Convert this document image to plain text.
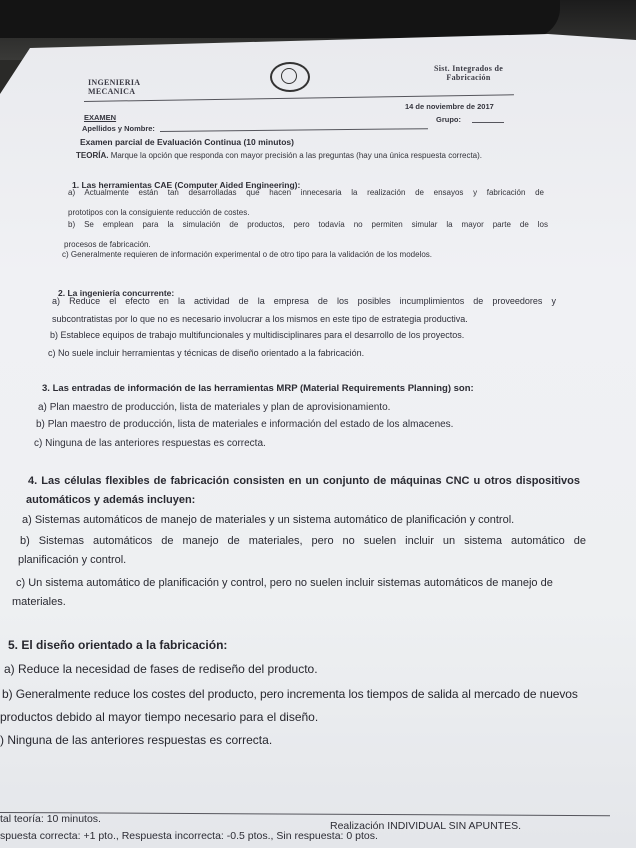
INGENIERIA
MECANICA
Sist. Integrados de
Fabricación
14 de noviembre de 2017
EXAMEN
Apellidos y Nombre:
Grupo:
Examen parcial de Evaluación Continua (10 minutos)
TEORÍA. Marque la opción que responda con mayor precisión a las preguntas (hay una única respuesta correcta).
1. Las herramientas CAE (Computer Aided Engineering):
a) Actualmente están tan desarrolladas que hacen innecesaria la realización de ensayos y fabricación de
prototipos con la consiguiente reducción de costes.
b) Se emplean para la simulación de productos, pero todavía no permiten simular la mayor parte de los
procesos de fabricación.
c) Generalmente requieren de información experimental o de otro tipo para la validación de los modelos.
2. La ingeniería concurrente:
a) Reduce el efecto en la actividad de la empresa de los posibles incumplimientos de proveedores y
subcontratistas por lo que no es necesario involucrar a los mismos en este tipo de estrategia productiva.
b) Establece equipos de trabajo multifuncionales y multidisciplinares para el desarrollo de los proyectos.
c) No suele incluir herramientas y técnicas de diseño orientado a la fabricación.
3. Las entradas de información de las herramientas MRP (Material Requirements Planning) son:
a) Plan maestro de producción, lista de materiales y plan de aprovisionamiento.
b) Plan maestro de producción, lista de materiales e información del estado de los almacenes.
c) Ninguna de las anteriores respuestas es correcta.
4. Las células flexibles de fabricación consisten en un conjunto de máquinas CNC u otros dispositivos
automáticos y además incluyen:
a) Sistemas automáticos de manejo de materiales y un sistema automático de planificación y control.
b) Sistemas automáticos de manejo de materiales, pero no suelen incluir un sistema automático de
planificación y control.
c) Un sistema automático de planificación y control, pero no suelen incluir sistemas automáticos de manejo de
materiales.
5. El diseño orientado a la fabricación:
a) Reduce la necesidad de fases de rediseño del producto.
b) Generalmente reduce los costes del producto, pero incrementa los tiempos de salida al mercado de nuevos
productos debido al mayor tiempo necesario para el diseño.
) Ninguna de las anteriores respuestas es correcta.
tal teoría: 10 minutos.
Realización INDIVIDUAL SIN APUNTES.
spuesta correcta: +1 pto., Respuesta incorrecta: -0.5 ptos., Sin respuesta: 0 ptos.
